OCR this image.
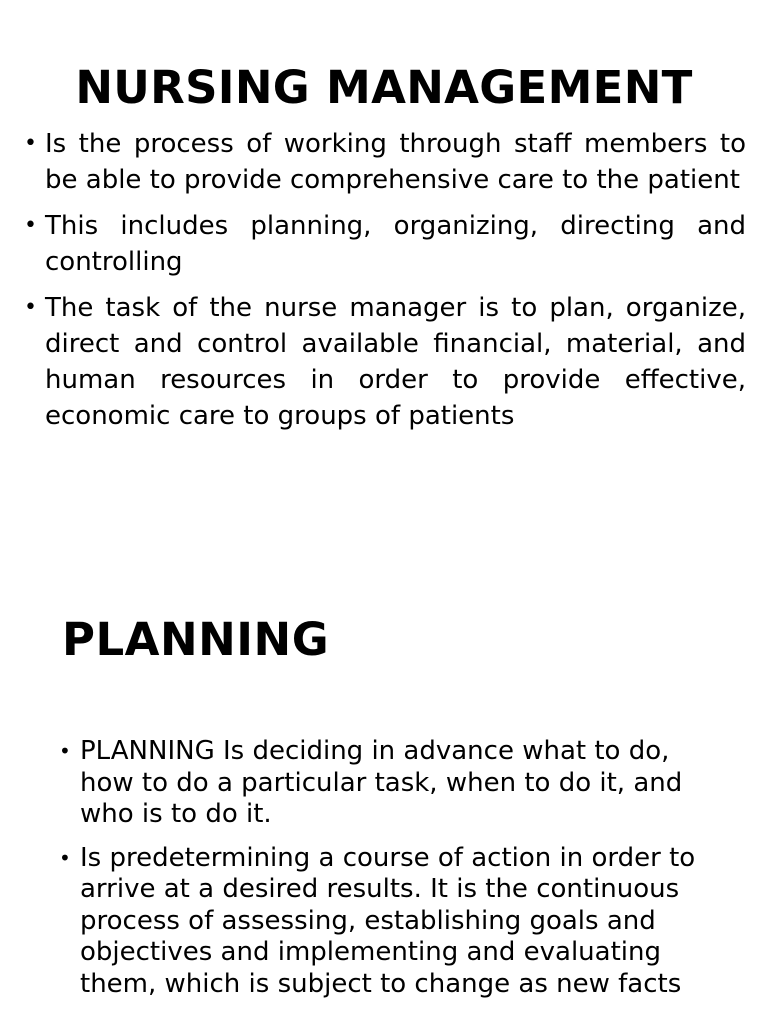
NURSING MANAGEMENT
• Is the process of working through staff members to be able to provide comprehensive care to the patient
• This includes planning, organizing, directing and controlling
• The task of the nurse manager is to plan, organize, direct and control available financial, material, and human resources in order to provide effective, economic care to groups of patients
PLANNING
• PLANNING Is deciding in advance what to do, how to do a particular task, when to do it, and who is to do it.
• Is predetermining a course of action in order to arrive at a desired results. It is the continuous process of assessing, establishing goals and objectives and implementing and evaluating them, which is subject to change as new facts
